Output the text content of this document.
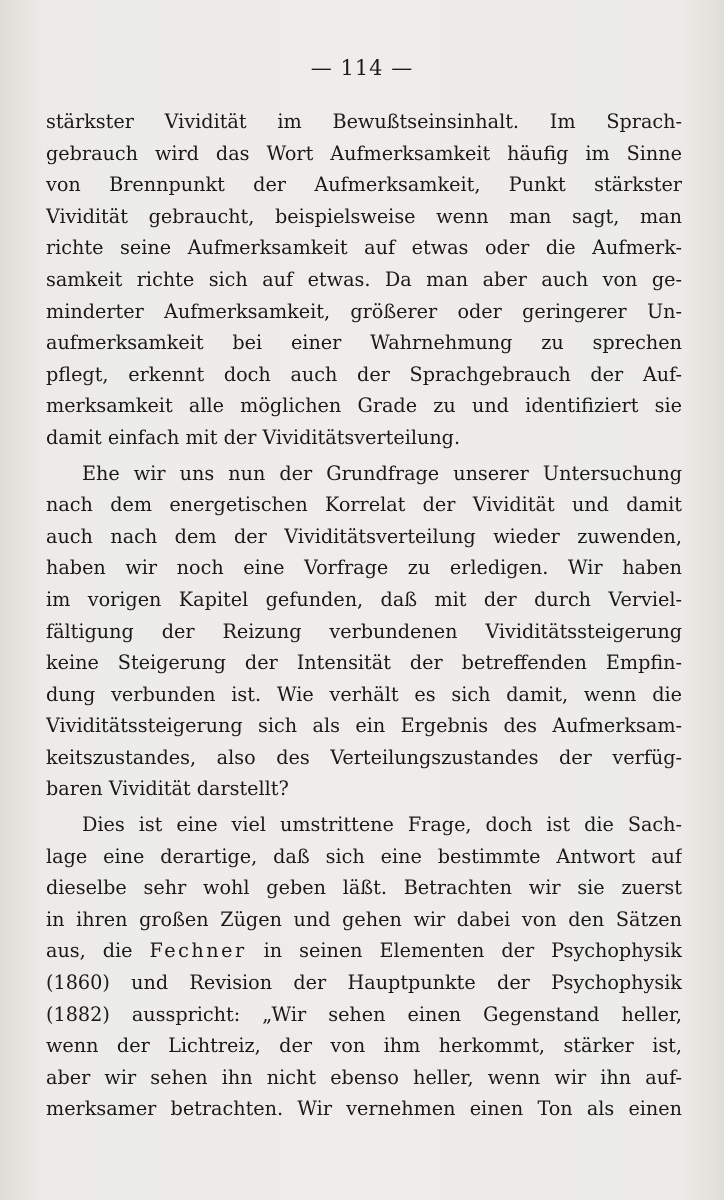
— 114 —
stärkster Vividität im Bewußtseinsinhalt. Im Sprach-
gebrauch wird das Wort Aufmerksamkeit häufig im Sinne
von Brennpunkt der Aufmerksamkeit, Punkt stärkster
Vividität gebraucht, beispielsweise wenn man sagt, man
richte seine Aufmerksamkeit auf etwas oder die Aufmerk-
samkeit richte sich auf etwas. Da man aber auch von ge-
minderter Aufmerksamkeit, größerer oder geringerer Un-
aufmerksamkeit bei einer Wahrnehmung zu sprechen
pflegt, erkennt doch auch der Sprachgebrauch der Auf-
merksamkeit alle möglichen Grade zu und identifiziert sie
damit einfach mit der Vividitätsverteilung.
Ehe wir uns nun der Grundfrage unserer Untersuchung
nach dem energetischen Korrelat der Vividität und damit
auch nach dem der Vividitätsverteilung wieder zuwenden,
haben wir noch eine Vorfrage zu erledigen. Wir haben
im vorigen Kapitel gefunden, daß mit der durch Verviel-
fältigung der Reizung verbundenen Vividitätssteigerung
keine Steigerung der Intensität der betreffenden Empfin-
dung verbunden ist. Wie verhält es sich damit, wenn die
Vividitätssteigerung sich als ein Ergebnis des Aufmerksam-
keitszustandes, also des Verteilungszustandes der verfüg-
baren Vividität darstellt?
Dies ist eine viel umstrittene Frage, doch ist die Sach-
lage eine derartige, daß sich eine bestimmte Antwort auf
dieselbe sehr wohl geben läßt. Betrachten wir sie zuerst
in ihren großen Zügen und gehen wir dabei von den Sätzen
aus, die Fechner in seinen Elementen der Psychophysik
(1860) und Revision der Hauptpunkte der Psychophysik
(1882) ausspricht: „Wir sehen einen Gegenstand heller,
wenn der Lichtreiz, der von ihm herkommt, stärker ist,
aber wir sehen ihn nicht ebenso heller, wenn wir ihn auf-
merksamer betrachten. Wir vernehmen einen Ton als einen
